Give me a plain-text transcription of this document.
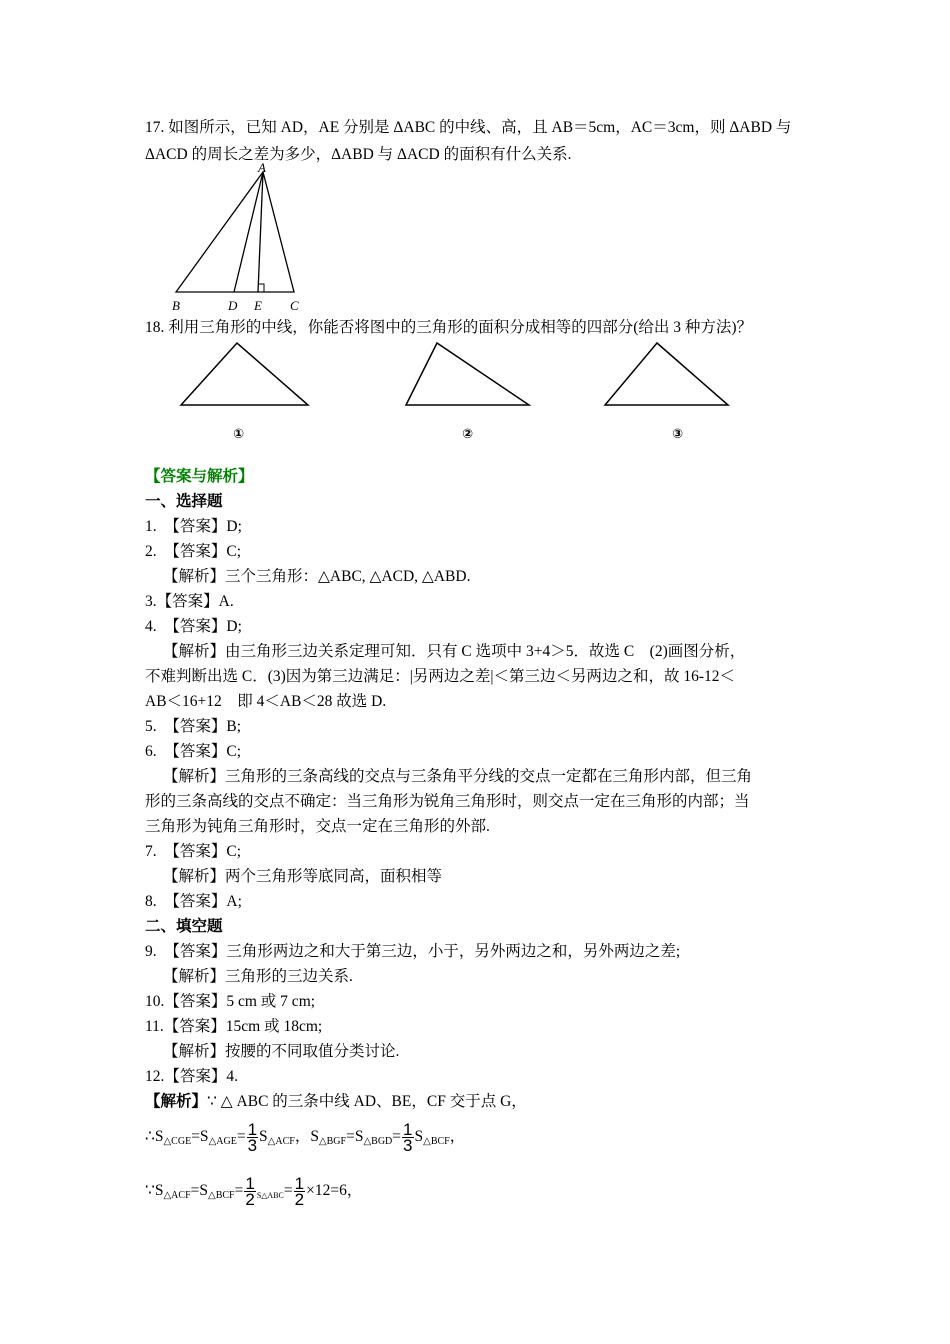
17. 如图所示，已知 AD，AE 分别是 ΔABC 的中线、高，且 AB＝5cm，AC＝3cm，则 ΔABD 与
ΔACD 的周长之差为多少，ΔABD 与 ΔACD 的面积有什么关系.
A
B	D E C
18. 利用三角形的中线，你能否将图中的三角形的面积分成相等的四部分(给出 3 种方法)？
①	②	③
【答案与解析】
一、选择题
1.　【答案】D;
2.　【答案】C;
【解析】三个三角形：△ABC, △ACD, △ABD.
3.【答案】A.
4.　【答案】D;
【解析】由三角形三边关系定理可知．只有 C 选项中 3+4＞5．故选 C　(2)画图分析，
不难判断出选 C．(3)因为第三边满足：|另两边之差|＜第三边＜另两边之和，故 16-12＜
AB＜16+12　即 4＜AB＜28 故选 D.
5.　【答案】B;
6.　【答案】C;
【解析】三角形的三条高线的交点与三条角平分线的交点一定都在三角形内部，但三角
形的三条高线的交点不确定：当三角形为锐角三角形时，则交点一定在三角形的内部；当
三角形为钝角三角形时，交点一定在三角形的外部.
7.　【答案】C;
【解析】两个三角形等底同高，面积相等
8.　【答案】A;
二、填空题
9.　【答案】三角形两边之和大于第三边，小于，另外两边之和，另外两边之差;
【解析】三角形的三边关系.
10.【答案】5 cm 或 7 cm;
11.【答案】15cm 或 18cm;
【解析】按腰的不同取值分类讨论.
12.【答案】4.
【解析】∵ △ ABC 的三条中线 AD、BE，CF 交于点 G，
$\therefore S_{\triangle CGE}=S_{\triangle AGE}= \frac{1}{3} S_{\triangle ACF}$，$S_{\triangle BGF}=S_{\triangle BGD}= \frac{1}{3} S_{\triangle BCF}$，
$\because S_{\triangle ACF}=S_{\triangle BCF}= \frac{1}{2} _{S\triangle ABC}= \frac{1}{2} \times 12=6$，
